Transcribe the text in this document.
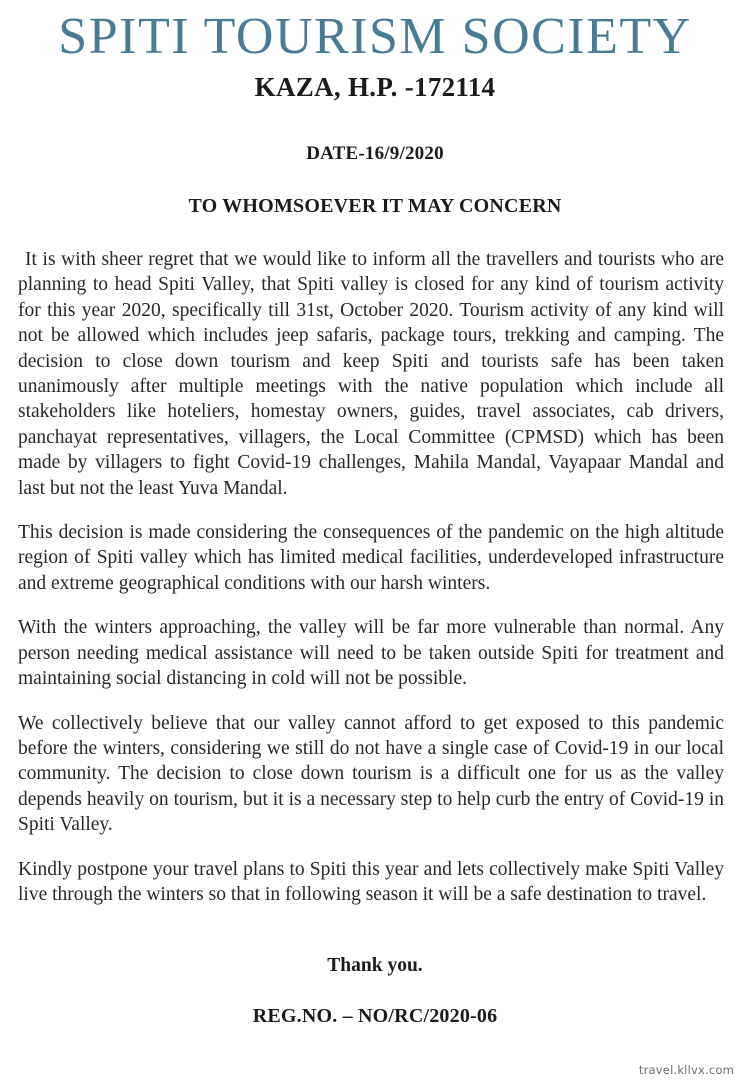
SPITI TOURISM SOCIETY
KAZA, H.P. -172114
DATE-16/9/2020
TO WHOMSOEVER IT MAY CONCERN

It is with sheer regret that we would like to inform all the travellers and tourists who are planning to head Spiti Valley, that Spiti valley is closed for any kind of tourism activity for this year 2020, specifically till 31st, October 2020. Tourism activity of any kind will not be allowed which includes jeep safaris, package tours, trekking and camping. The decision to close down tourism and keep Spiti and tourists safe has been taken unanimously after multiple meetings with the native population which include all stakeholders like hoteliers, homestay owners, guides, travel associates, cab drivers, panchayat representatives, villagers, the Local Committee (CPMSD) which has been made by villagers to fight Covid-19 challenges, Mahila Mandal, Vayapaar Mandal and last but not the least Yuva Mandal.

This decision is made considering the consequences of the pandemic on the high altitude region of Spiti valley which has limited medical facilities, underdeveloped infrastructure and extreme geographical conditions with our harsh winters.

With the winters approaching, the valley will be far more vulnerable than normal. Any person needing medical assistance will need to be taken outside Spiti for treatment and maintaining social distancing in cold will not be possible.

We collectively believe that our valley cannot afford to get exposed to this pandemic before the winters, considering we still do not have a single case of Covid-19 in our local community. The decision to close down tourism is a difficult one for us as the valley depends heavily on tourism, but it is a necessary step to help curb the entry of Covid-19 in Spiti Valley.

Kindly postpone your travel plans to Spiti this year and lets collectively make Spiti Valley live through the winters so that in following season it will be a safe destination to travel.

Thank you.
REG.NO. – NO/RC/2020-06
travel.kllvx.com
